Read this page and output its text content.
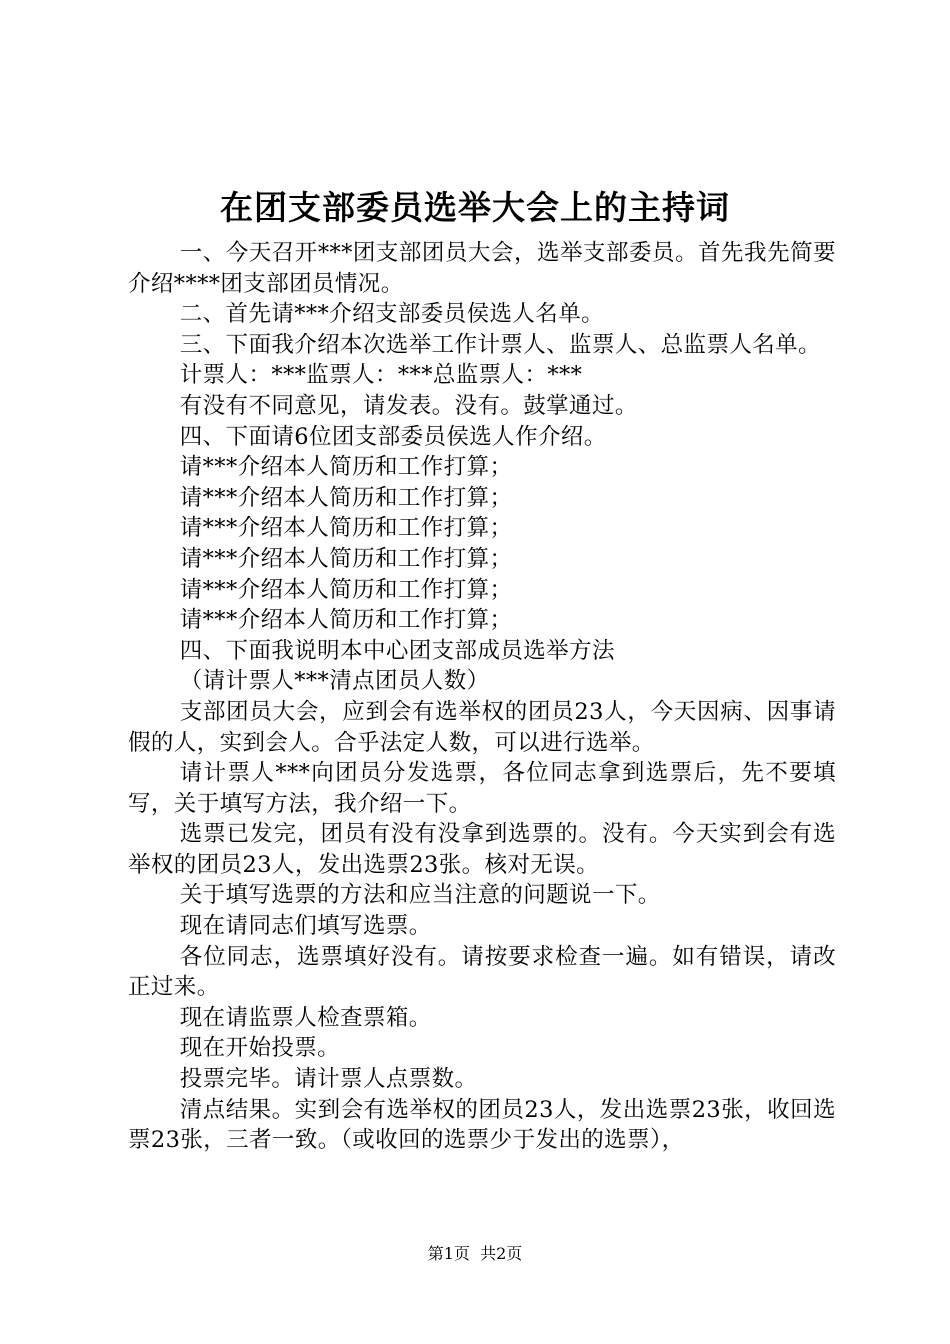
在团支部委员选举大会上的主持词

一、今天召开***团支部团员大会，选举支部委员。首先我先简要介绍****团支部团员情况。

二、首先请***介绍支部委员侯选人名单。

三、下面我介绍本次选举工作计票人、监票人、总监票人名单。

计票人：***监票人：***总监票人：***

有没有不同意见，请发表。没有。鼓掌通过。

四、下面请6位团支部委员侯选人作介绍。

请***介绍本人简历和工作打算；

请***介绍本人简历和工作打算；

请***介绍本人简历和工作打算；

请***介绍本人简历和工作打算；

请***介绍本人简历和工作打算；

请***介绍本人简历和工作打算；

四、下面我说明本中心团支部成员选举方法

（请计票人***清点团员人数）

支部团员大会，应到会有选举权的团员23人，今天因病、因事请假的人，实到会人。合乎法定人数，可以进行选举。

请计票人***向团员分发选票，各位同志拿到选票后，先不要填写，关于填写方法，我介绍一下。

选票已发完，团员有没有没拿到选票的。没有。今天实到会有选举权的团员23人，发出选票23张。核对无误。

关于填写选票的方法和应当注意的问题说一下。

现在请同志们填写选票。

各位同志，选票填好没有。请按要求检查一遍。如有错误，请改正过来。

现在请监票人检查票箱。

现在开始投票。

投票完毕。请计票人点票数。

清点结果。实到会有选举权的团员23人，发出选票23张，收回选票23张，三者一致。（或收回的选票少于发出的选票），

第1页  共2页
